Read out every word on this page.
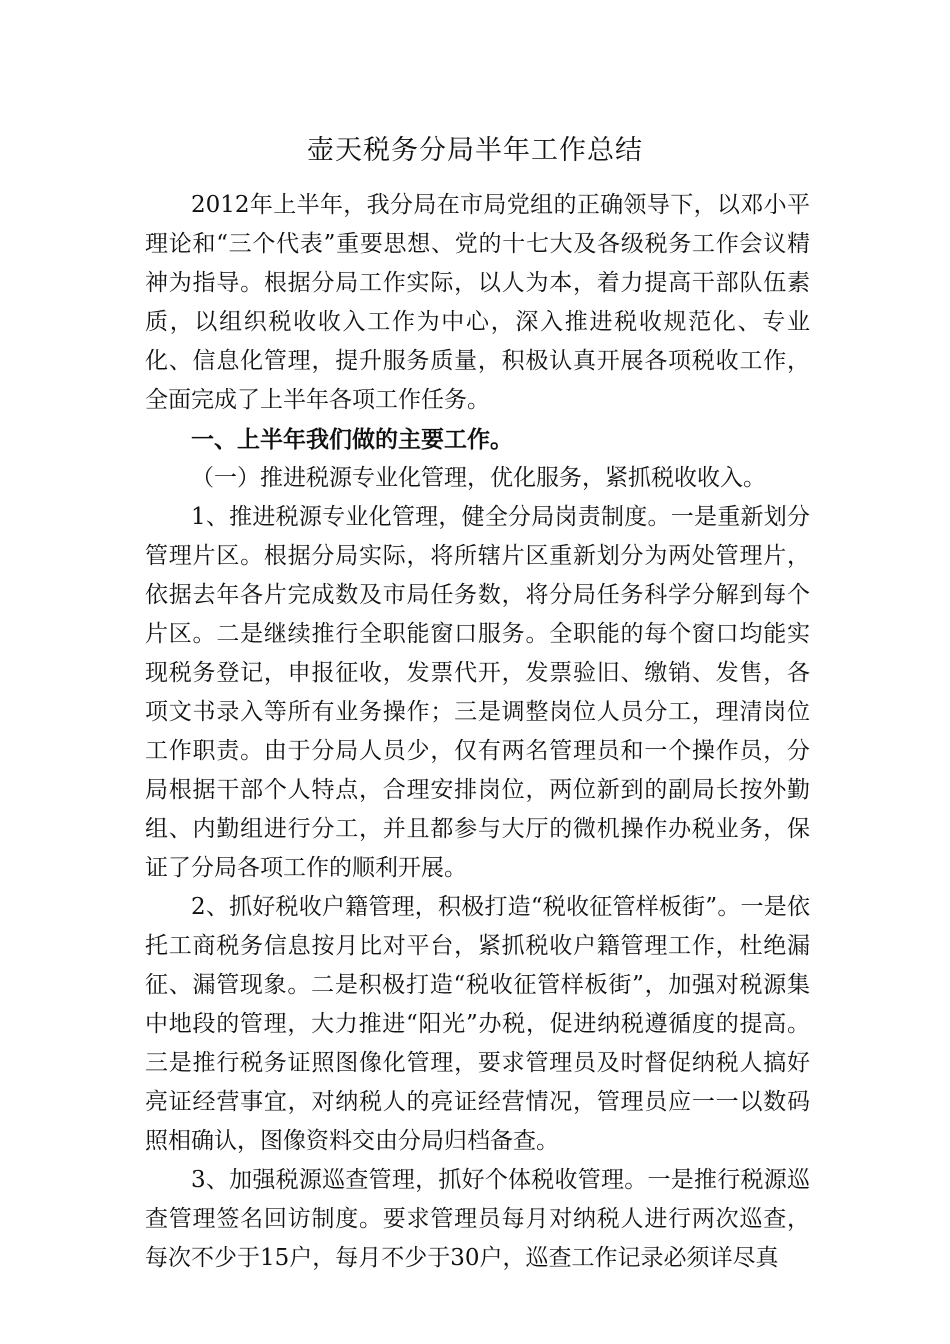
壶天税务分局半年工作总结

2012年上半年，我分局在市局党组的正确领导下，以邓小平理论和“三个代表”重要思想、党的十七大及各级税务工作会议精神为指导。根据分局工作实际，以人为本，着力提高干部队伍素质，以组织税收收入工作为中心，深入推进税收规范化、专业化、信息化管理，提升服务质量，积极认真开展各项税收工作，全面完成了上半年各项工作任务。

一、上半年我们做的主要工作。

（一）推进税源专业化管理，优化服务，紧抓税收收入。

1、推进税源专业化管理，健全分局岗责制度。一是重新划分管理片区。根据分局实际，将所辖片区重新划分为两处管理片，依据去年各片完成数及市局任务数，将分局任务科学分解到每个片区。二是继续推行全职能窗口服务。全职能的每个窗口均能实现税务登记，申报征收，发票代开，发票验旧、缴销、发售，各项文书录入等所有业务操作；三是调整岗位人员分工，理清岗位工作职责。由于分局人员少，仅有两名管理员和一个操作员，分局根据干部个人特点，合理安排岗位，两位新到的副局长按外勤组、内勤组进行分工，并且都参与大厅的微机操作办税业务，保证了分局各项工作的顺利开展。

2、抓好税收户籍管理，积极打造“税收征管样板街”。一是依托工商税务信息按月比对平台，紧抓税收户籍管理工作，杜绝漏征、漏管现象。二是积极打造“税收征管样板街”，加强对税源集中地段的管理，大力推进“阳光”办税，促进纳税遵循度的提高。三是推行税务证照图像化管理，要求管理员及时督促纳税人搞好亮证经营事宜，对纳税人的亮证经营情况，管理员应一一以数码照相确认，图像资料交由分局归档备查。

3、加强税源巡查管理，抓好个体税收管理。一是推行税源巡查管理签名回访制度。要求管理员每月对纳税人进行两次巡查，每次不少于15户，每月不少于30户，巡查工作记录必须详尽真
